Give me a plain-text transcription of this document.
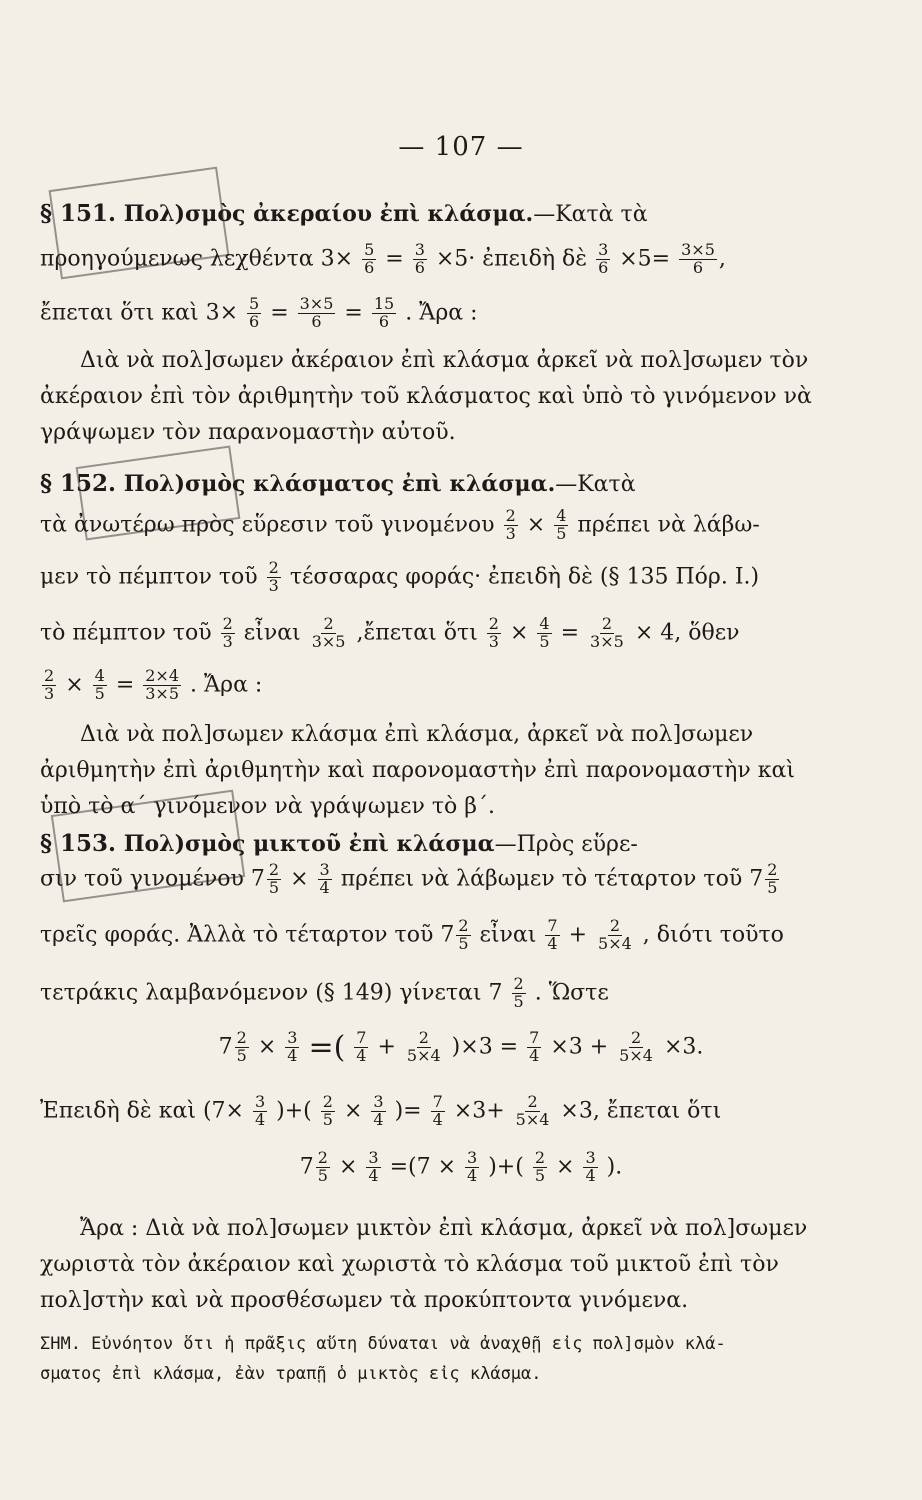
— 107 —
§ 151. Πολ)σμὸς ἀκεραίου ἐπὶ κλάσμα.—Κατὰ τὰ
προηγούμενως λεχθέντα $3\times \frac{5}{6} = \frac{3}{6} \times 5\cdot$ ἐπειδὴ δὲ $\frac{3}{6} \times 5= \frac{3\times 5}{6}$ ,
ἔπεται ὅτι καὶ $3\times \frac{5}{6} = \frac{3\times 5}{6} = \frac{15}{6}$ . Ἄρα :
Διὰ νὰ πολ]σωμεν ἀκέραιον ἐπὶ κλάσμα ἀρκεῖ νὰ πολ]σωμεν τὸν
ἀκέραιον ἐπὶ τὸν ἀριθμητὴν τοῦ κλάσματος καὶ ὑπὸ τὸ γινόμενον νὰ
γράψωμεν τὸν παρανομαστὴν αὐτοῦ.
§ 152. Πολ)σμὸς κλάσματος ἐπὶ κλάσμα.—Κατὰ
τὰ ἀνωτέρω πρὸς εὕρεσιν τοῦ γινομένου $\frac{2}{3} \times \frac{4}{5}$ πρέπει νὰ λάβω-
μεν τὸ πέμπτον τοῦ $\frac{2}{3}$ τέσσαρας φοράς· ἐπειδὴ δὲ (§ 135 Πόρ. I.)
τὸ πέμπτον τοῦ $\frac{2}{3}$ εἶναι $\frac{2}{3\times 5}$ ,ἔπεται ὅτι $\frac{2}{3} \times \frac{4}{5} = \frac{2}{3\times 5} \times 4$, ὅθεν
$\frac{2}{3} \times \frac{4}{5} = \frac{2\times 4}{3\times 5}$ . Ἄρα :
Διὰ νὰ πολ]σωμεν κλάσμα ἐπὶ κλάσμα, ἀρκεῖ νὰ πολ]σωμεν
ἀριθμητὴν ἐπὶ ἀριθμητὴν καὶ παρονομαστὴν ἐπὶ παρονομαστὴν καὶ
ὑπὸ τὸ α΄ γινόμενον νὰ γράψωμεν τὸ β΄.
§ 153. Πολ)σμὸς μικτοῦ ἐπὶ κλάσμα—Πρὸς εὕρε-
σιν τοῦ γινομένου $7 \frac{2}{5} \times \frac{3}{4}$ πρέπει νὰ λάβωμεν τὸ τέταρτον τοῦ $7 \frac{2}{5}$
τρεῖς φοράς. Ἀλλὰ τὸ τέταρτον τοῦ $7 \frac{2}{5}$ εἶναι $\frac{7}{4} + \frac{2}{5\times 4}$ , διότι τοῦτο
τετράκις λαμβανόμενον (§ 149) γίνεται $7 \frac{2}{5}$ . Ὥστε
$7 \frac{2}{5} \times \frac{3}{4}$ =( $\frac{7}{4} + \frac{2}{5\times 4} )\times 3 = \frac{7}{4} \times 3 + \frac{2}{5\times 4} \times 3$.
Ἐπειδὴ δὲ καὶ ($7\times \frac{3}{4}$ )+( $\frac{2}{5} \times \frac{3}{4}$ )= $\frac{7}{4} \times 3+ \frac{2}{5\times 4} \times 3$, ἔπεται ὅτι
$7 \frac{2}{5} \times \frac{3}{4} =(7 \times \frac{3}{4}$ )+( $\frac{2}{5} \times \frac{3}{4}$ ).
Ἄρα : Διὰ νὰ πολ]σωμεν μικτὸν ἐπὶ κλάσμα, ἀρκεῖ νὰ πολ]σωμεν
χωριστὰ τὸν ἀκέραιον καὶ χωριστὰ τὸ κλάσμα τοῦ μικτοῦ ἐπὶ τὸν
πολ]στὴν καὶ νὰ προσθέσωμεν τὰ προκύπτοντα γινόμενα.
ΣΗΜ. Εὐνόητον ὅτι ἡ πρᾶξις αὕτη δύναται νὰ ἀναχθῇ εἰς πολ]σμὸν κλά-
σματος ἐπὶ κλάσμα, ἐὰν τραπῇ ὁ μικτὸς εἰς κλάσμα.
